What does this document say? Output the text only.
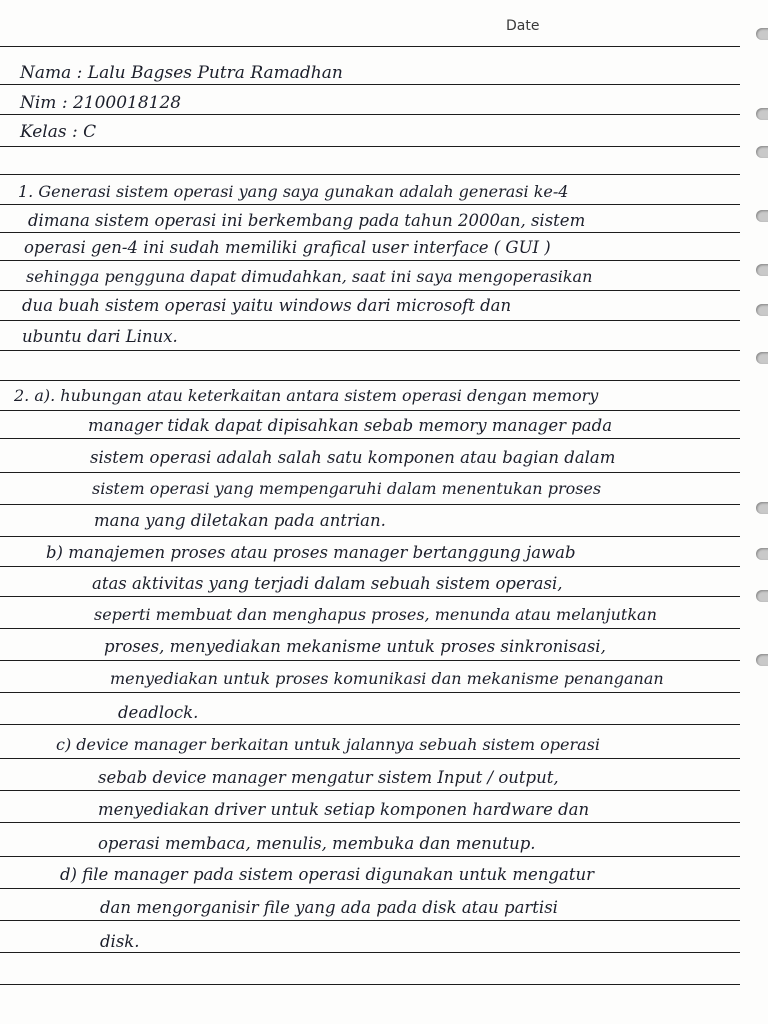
Date
Nama : Lalu Bagses Putra Ramadhan
Nim : 2100018128
Kelas : C
1. Generasi sistem operasi yang saya gunakan adalah generasi ke-4
dimana sistem operasi ini berkembang pada tahun 2000an, sistem
operasi gen-4 ini sudah memiliki grafical user interface ( GUI )
sehingga pengguna dapat dimudahkan, saat ini saya mengoperasikan
dua buah sistem operasi yaitu windows dari microsoft dan
ubuntu dari Linux.
2. a). hubungan atau keterkaitan antara sistem operasi dengan memory
manager tidak dapat dipisahkan sebab memory manager pada
sistem operasi adalah salah satu komponen atau bagian dalam
sistem operasi yang mempengaruhi dalam menentukan proses
mana yang diletakan pada antrian.
b) manajemen proses atau proses manager bertanggung jawab
atas aktivitas yang terjadi dalam sebuah sistem operasi,
seperti membuat dan menghapus proses, menunda atau melanjutkan
proses, menyediakan mekanisme untuk proses sinkronisasi,
menyediakan untuk proses komunikasi dan mekanisme penanganan
deadlock.
c) device manager berkaitan untuk jalannya sebuah sistem operasi
sebab device manager mengatur sistem Input / output,
menyediakan driver untuk setiap komponen hardware dan
operasi membaca, menulis, membuka dan menutup.
d) file manager pada sistem operasi digunakan untuk mengatur
dan mengorganisir file yang ada pada disk atau partisi
disk.
